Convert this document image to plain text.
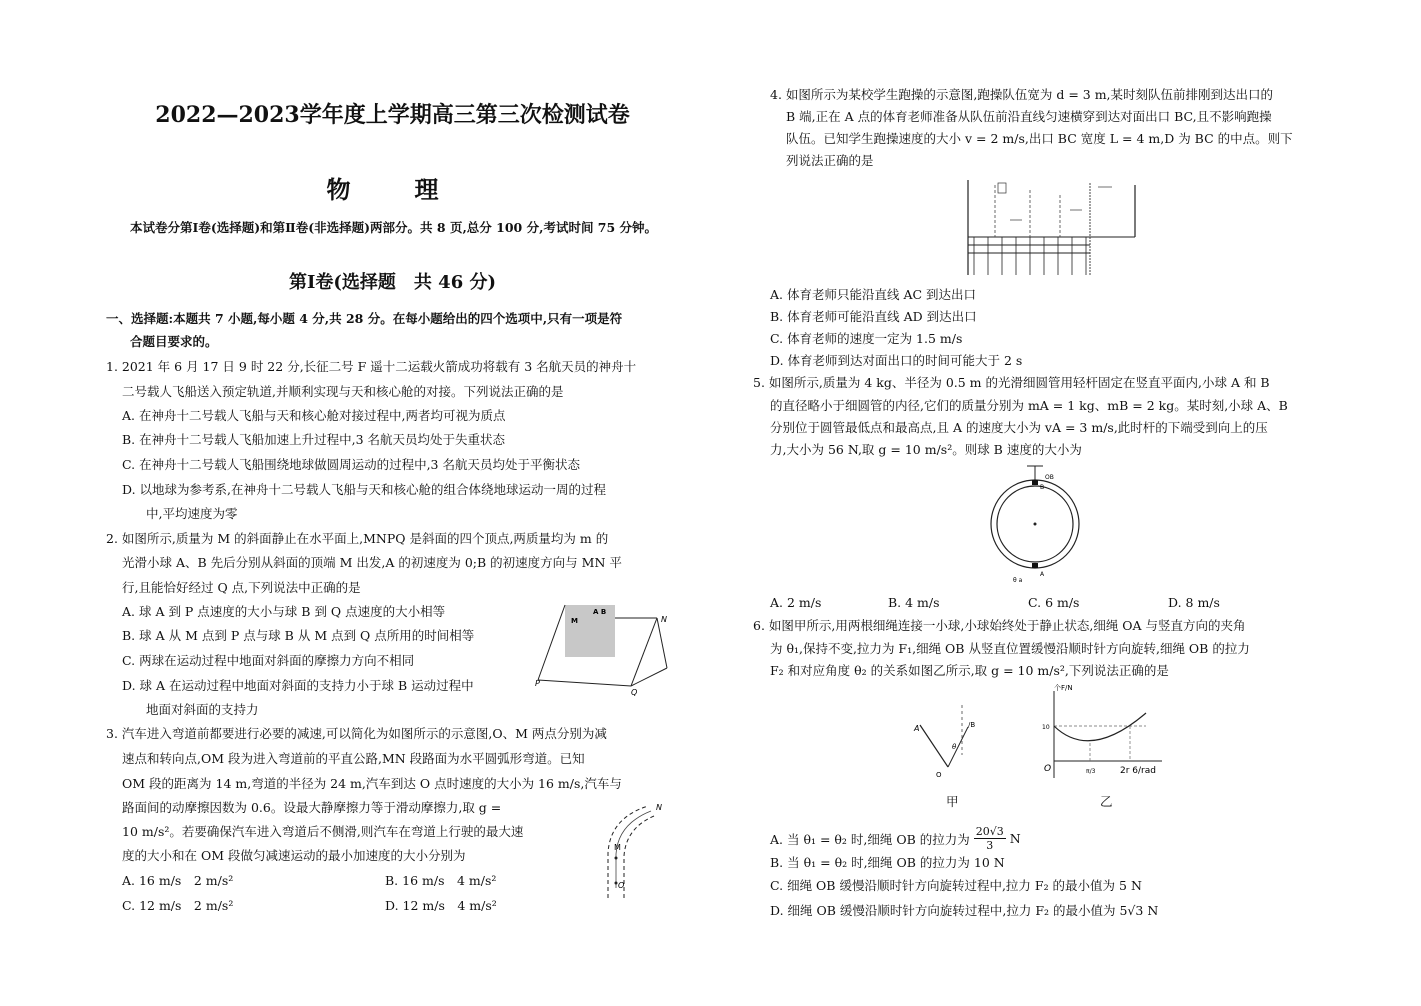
2022—2023学年度上学期高三第三次检测试卷
物　理
本试卷分第Ⅰ卷(选择题)和第Ⅱ卷(非选择题)两部分。共 8 页,总分 100 分,考试时间 75 分钟。
第Ⅰ卷(选择题　共 46 分)
一、选择题:本题共 7 小题,每小题 4 分,共 28 分。在每小题给出的四个选项中,只有一项是符
合题目要求的。
1. 2021 年 6 月 17 日 9 时 22 分,长征二号 F 遥十二运载火箭成功将载有 3 名航天员的神舟十
二号载人飞船送入预定轨道,并顺利实现与天和核心舱的对接。下列说法正确的是
A. 在神舟十二号载人飞船与天和核心舱对接过程中,两者均可视为质点
B. 在神舟十二号载人飞船加速上升过程中,3 名航天员均处于失重状态
C. 在神舟十二号载人飞船围绕地球做圆周运动的过程中,3 名航天员均处于平衡状态
D. 以地球为参考系,在神舟十二号载人飞船与天和核心舱的组合体绕地球运动一周的过程
中,平均速度为零
2. 如图所示,质量为 M 的斜面静止在水平面上,MNPQ 是斜面的四个顶点,两质量均为 m 的
光滑小球 A、B 先后分别从斜面的顶端 M 出发,A 的初速度为 0;B 的初速度方向与 MN 平
行,且能恰好经过 Q 点,下列说法中正确的是
A. 球 A 到 P 点速度的大小与球 B 到 Q 点速度的大小相等
B. 球 A 从 M 点到 P 点与球 B 从 M 点到 Q 点所用的时间相等
C. 两球在运动过程中地面对斜面的摩擦力方向不相同
D. 球 A 在运动过程中地面对斜面的支持力小于球 B 运动过程中
地面对斜面的支持力
A B
M	N
P
Q
3. 汽车进入弯道前都要进行必要的减速,可以简化为如图所示的示意图,O、M 两点分别为减
速点和转向点,OM 段为进入弯道前的平直公路,MN 段路面为水平圆弧形弯道。已知
OM 段的距离为 14 m,弯道的半径为 24 m,汽车到达 O 点时速度的大小为 16 m/s,汽车与
路面间的动摩擦因数为 0.6。设最大静摩擦力等于滑动摩擦力,取 g =
10 m/s²。若要确保汽车进入弯道后不侧滑,则汽车在弯道上行驶的最大速
度的大小和在 OM 段做匀减速运动的最小加速度的大小分别为
A. 16 m/s　2 m/s²	B. 16 m/s　4 m/s²
C. 12 m/s　2 m/s²	D. 12 m/s　4 m/s²
N
M
O
4. 如图所示为某校学生跑操的示意图,跑操队伍宽为 d = 3 m,某时刻队伍前排刚到达出口的
B 端,正在 A 点的体育老师准备从队伍前沿直线匀速横穿到达对面出口 BC,且不影响跑操
队伍。已知学生跑操速度的大小 v = 2 m/s,出口 BC 宽度 L = 4 m,D 为 BC 的中点。则下
列说法正确的是
A. 体育老师只能沿直线 AC 到达出口
B. 体育老师可能沿直线 AD 到达出口
C. 体育老师的速度一定为 1.5 m/s
D. 体育老师到达对面出口的时间可能大于 2 s
5. 如图所示,质量为 4 kg、半径为 0.5 m 的光滑细圆管用轻杆固定在竖直平面内,小球 A 和 B
的直径略小于细圆管的内径,它们的质量分别为 mA = 1 kg、mB = 2 kg。某时刻,小球 A、B
分别位于圆管最低点和最高点,且 A 的速度大小为 vA = 3 m/s,此时杆的下端受到向上的压
力,大小为 56 N,取 g = 10 m/s²。则球 B 速度的大小为
OB
B
A
θ a
A. 2 m/s	B. 4 m/s	C. 6 m/s	D. 8 m/s
6. 如图甲所示,用两根细绳连接一小球,小球始终处于静止状态,细绳 OA 与竖直方向的夹角
为 θ₁,保持不变,拉力为 F₁,细绳 OB 从竖直位置缓慢沿顺时针方向旋转,细绳 OB 的拉力
F₂ 和对应角度 θ₂ 的关系如图乙所示,取 g = 10 m/s²,下列说法正确的是
A	/B
θ
O
甲
个F/N
10
O	π/3	2r 6/rad
乙
A. 当 θ₁ = θ₂ 时,细绳 OB 的拉力为 $\frac{20√3}{3}$ N
B. 当 θ₁ = θ₂ 时,细绳 OB 的拉力为 10 N
C. 细绳 OB 缓慢沿顺时针方向旋转过程中,拉力 F₂ 的最小值为 5 N
D. 细绳 OB 缓慢沿顺时针方向旋转过程中,拉力 F₂ 的最小值为 5√3 N
